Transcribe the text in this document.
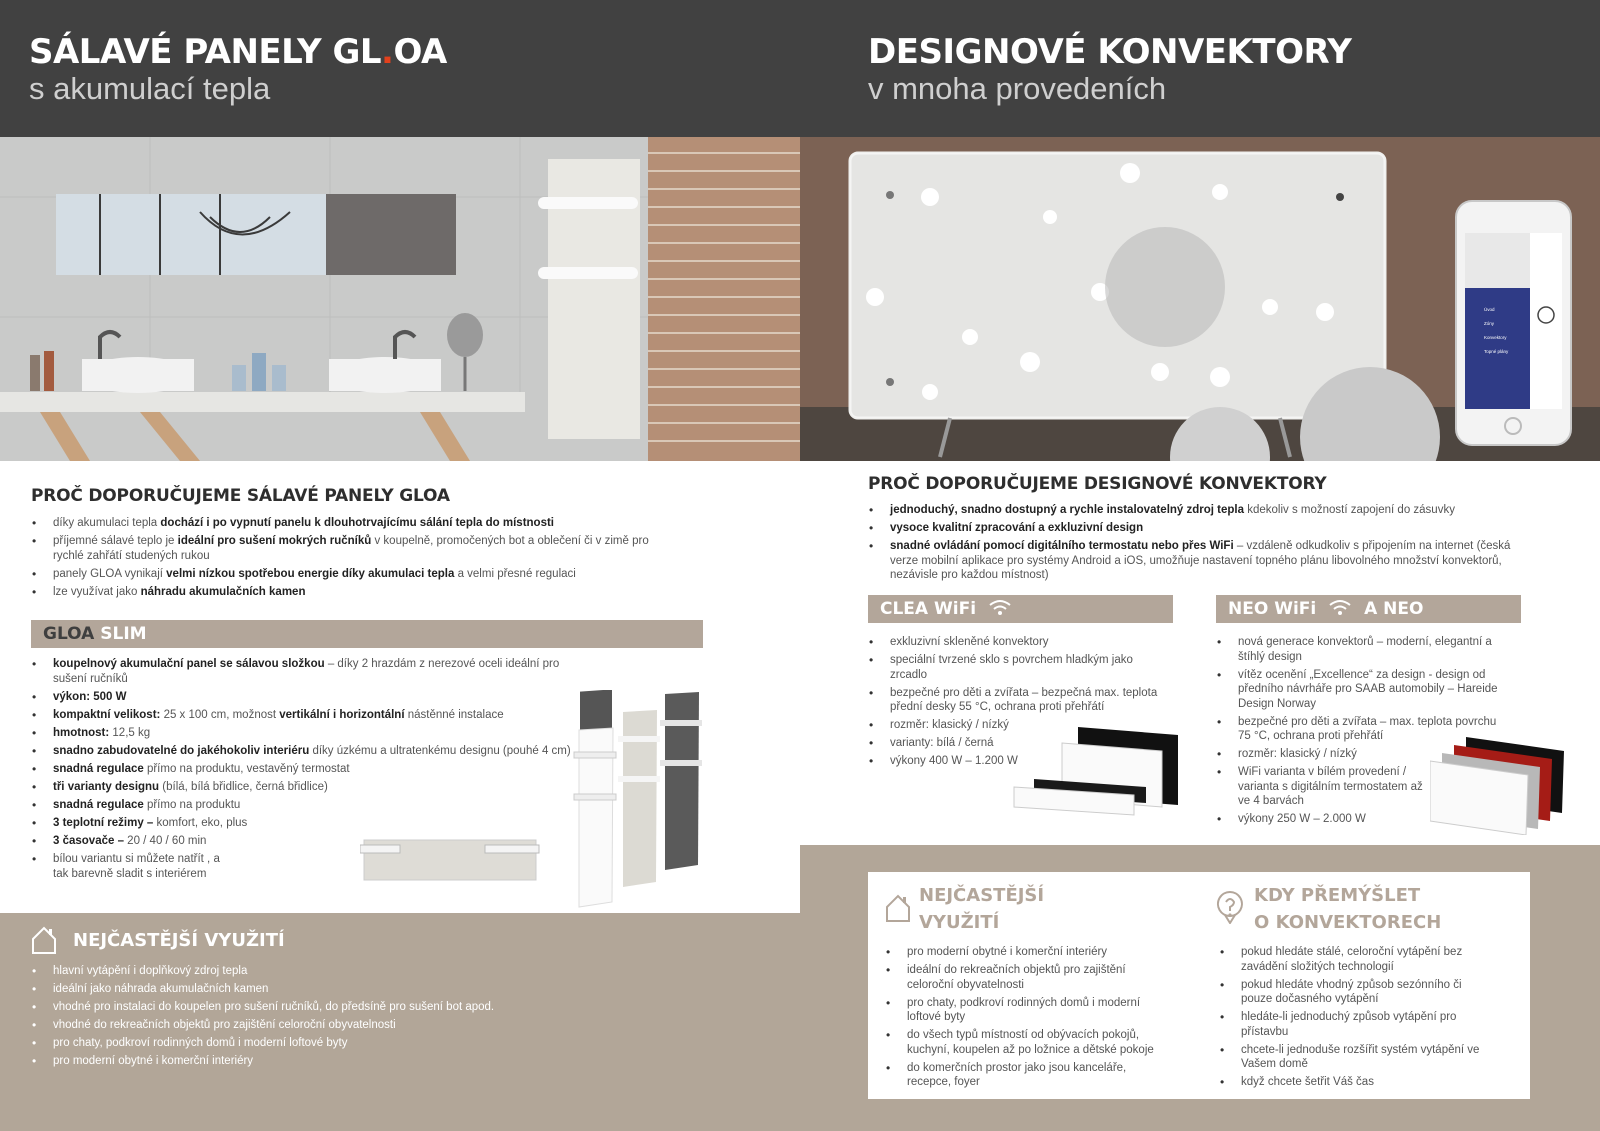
SÁLAVÉ PANELY GL.OA
s akumulací tepla
DESIGNOVÉ KONVEKTORY
v mnoha provedeních
Úvod
Zóny
Konvektory
Topné plány
PROČ DOPORUČUJEME SÁLAVÉ PANELY GLOA
• díky akumulaci tepla dochází i po vypnutí panelu k dlouhotrvajícímu sálání tepla do místnosti
• příjemné sálavé teplo je ideální pro sušení mokrých ručníků v koupelně, promočených bot a oblečení či v zimě pro rychlé zahřátí studených rukou
• panely GLOA vynikají velmi nízkou spotřebou energie díky akumulaci tepla a velmi přesné regulaci
• lze využívat jako náhradu akumulačních kamen
GLOA SLIM
• koupelnový akumulační panel se sálavou složkou – díky 2 hrazdám z nerezové oceli ideální pro sušení ručníků
• výkon: 500 W
• kompaktní velikost: 25 x 100 cm, možnost vertikální i horizontální nástěnné instalace
• hmotnost: 12,5 kg
• snadno zabudovatelné do jakéhokoliv interiéru díky úzkému a ultratenkému designu (pouhé 4 cm)
• snadná regulace přímo na produktu, vestavěný termostat
• tři varianty designu (bílá, bílá břidlice, černá břidlice)
• snadná regulace přímo na produktu
• 3 teplotní režimy – komfort, eko, plus
• 3 časovače – 20 / 40 / 60 min
• bílou variantu si můžete natřít , a tak barevně sladit s interiérem
NEJČASTĚJŠÍ VYUŽITÍ
• hlavní vytápění i doplňkový zdroj tepla
• ideální jako náhrada akumulačních kamen
• vhodné pro instalaci do koupelen pro sušení ručníků, do předsíně pro sušení bot apod.
• vhodné do rekreačních objektů pro zajištění celoroční obyvatelnosti
• pro chaty, podkroví rodinných domů i moderní loftové byty
• pro moderní obytné i komerční interiéry
PROČ DOPORUČUJEME DESIGNOVÉ KONVEKTORY
• jednoduchý, snadno dostupný a rychle instalovatelný zdroj tepla kdekoliv s možností zapojení do zásuvky
• vysoce kvalitní zpracování a exkluzivní design
• snadné ovládání pomocí digitálního termostatu nebo přes WiFi – vzdáleně odkudkoliv s připojením na internet (česká verze mobilní aplikace pro systémy Android a iOS, umožňuje nastavení topného plánu libovolného množství konvektorů, nezávisle pro každou místnost)
CLEA WiFi
• exkluzivní skleněné konvektory
• speciální tvrzené sklo s povrchem hladkým jako zrcadlo
• bezpečné pro děti a zvířata – bezpečná max. teplota přední desky 55 °C, ochrana proti přehřátí
• rozměr: klasický / nízký
• varianty: bílá / černá
• výkony 400 W – 1.200 W
NEO WiFi	A NEO
• nová generace konvektorů – moderní, elegantní a štíhlý design
• vítěz ocenění „Excellence“ za design - design od předního návrháře pro SAAB automobily – Hareide Design Norway
• bezpečné pro děti a zvířata – max. teplota povrchu 75 °C, ochrana proti přehřátí
• rozměr: klasický / nízký
• WiFi varianta v bílém provedení / varianta s digitálním termostatem až ve 4 barvách
• výkony 250 W – 2.000 W
NEJČASTĚJŠÍ
VYUŽITÍ
• pro moderní obytné i komerční interiéry
• ideální do rekreačních objektů pro zajištění celoroční obyvatelnosti
• pro chaty, podkroví rodinných domů i moderní loftové byty
• do všech typů místností od obývacích pokojů, kuchyní, koupelen až po ložnice a dětské pokoje
• do komerčních prostor jako jsou kanceláře, recepce, foyer
KDY PŘEMÝŠLET
O KONVEKTORECH
• pokud hledáte stálé, celoroční vytápění bez zavádění složitých technologií
• pokud hledáte vhodný způsob sezónního či pouze dočasného vytápění
• hledáte-li jednoduchý způsob vytápění pro přístavbu
• chcete-li jednoduše rozšířit systém vytápění ve Vašem domě
• když chcete šetřit Váš čas
